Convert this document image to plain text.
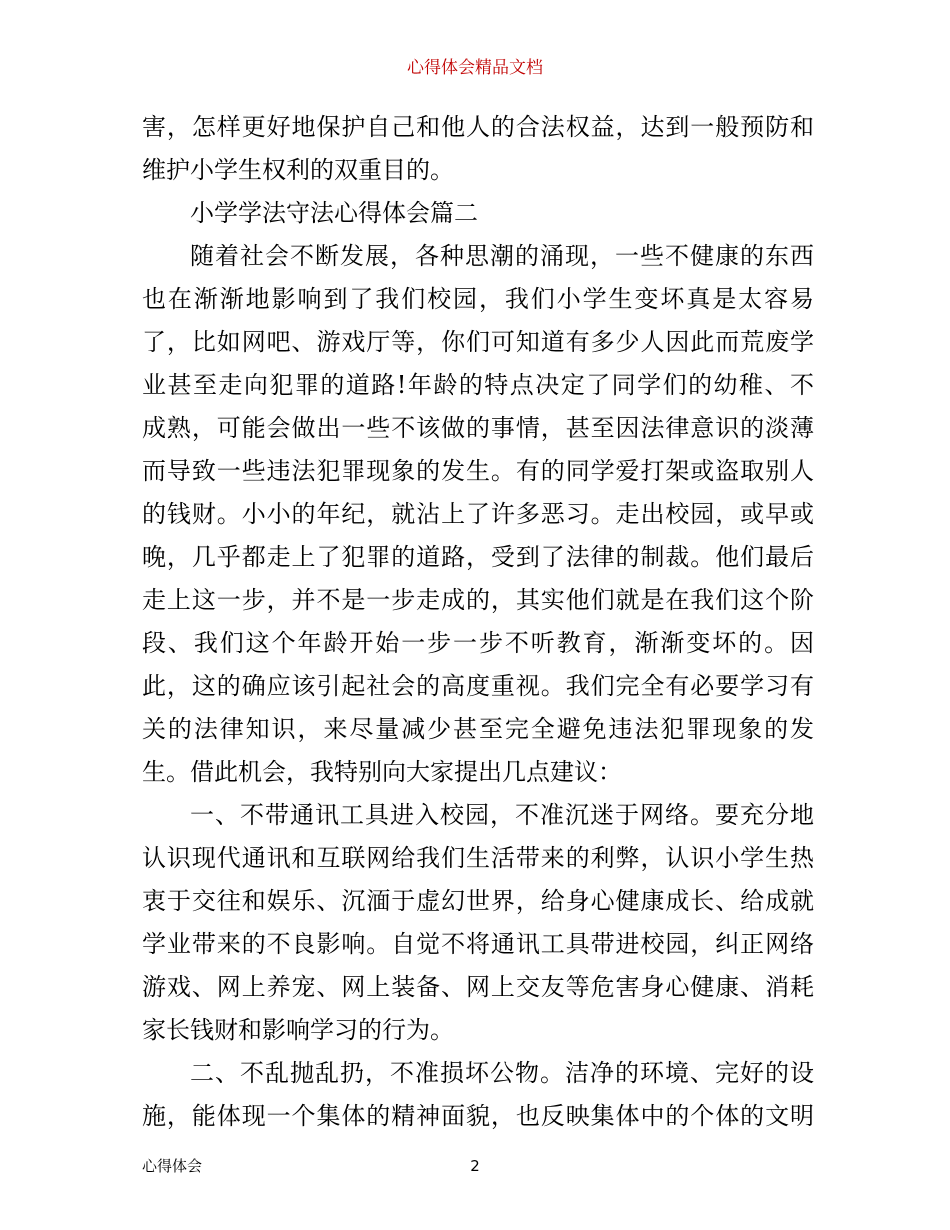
心得体会精品文档
害，怎样更好地保护自己和他人的合法权益，达到一般预防和
维护小学生权利的双重目的。
小学学法守法心得体会篇二
随着社会不断发展，各种思潮的涌现，一些不健康的东西
也在渐渐地影响到了我们校园，我们小学生变坏真是太容易
了，比如网吧、游戏厅等，你们可知道有多少人因此而荒废学
业甚至走向犯罪的道路!年龄的特点决定了同学们的幼稚、不
成熟，可能会做出一些不该做的事情，甚至因法律意识的淡薄
而导致一些违法犯罪现象的发生。有的同学爱打架或盗取别人
的钱财。小小的年纪，就沾上了许多恶习。走出校园，或早或
晚，几乎都走上了犯罪的道路，受到了法律的制裁。他们最后
走上这一步，并不是一步走成的，其实他们就是在我们这个阶
段、我们这个年龄开始一步一步不听教育，渐渐变坏的。因
此，这的确应该引起社会的高度重视。我们完全有必要学习有
关的法律知识，来尽量减少甚至完全避免违法犯罪现象的发
生。借此机会，我特别向大家提出几点建议：
一、不带通讯工具进入校园，不准沉迷于网络。要充分地
认识现代通讯和互联网给我们生活带来的利弊，认识小学生热
衷于交往和娱乐、沉湎于虚幻世界，给身心健康成长、给成就
学业带来的不良影响。自觉不将通讯工具带进校园，纠正网络
游戏、网上养宠、网上装备、网上交友等危害身心健康、消耗
家长钱财和影响学习的行为。
二、不乱抛乱扔，不准损坏公物。洁净的环境、完好的设
施，能体现一个集体的精神面貌，也反映集体中的个体的文明
心得体会	2
